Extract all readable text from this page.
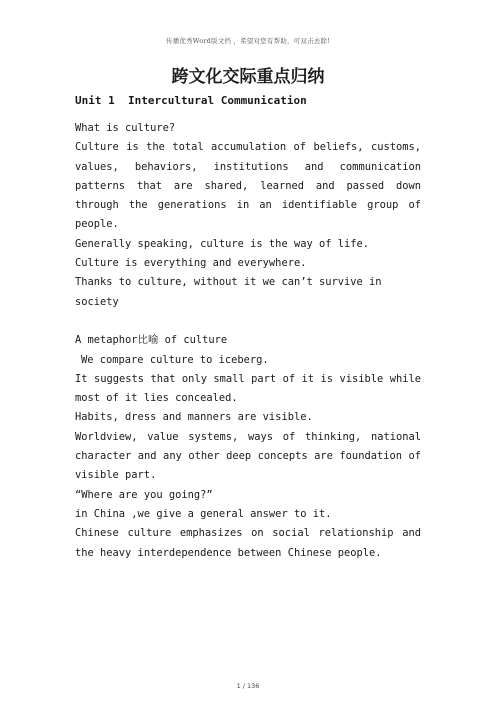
传播优秀Word版文档 ，希望对您有帮助，可双击去除!
跨文化交际重点归纳
Unit 1  Intercultural Communication

What is culture?

Culture is the total accumulation of beliefs, customs, values, behaviors, institutions and communication patterns that are shared, learned and passed down through the generations in an identifiable group of people.

Generally speaking, culture is the way of life.

Culture is everything and everywhere.

Thanks to culture, without it we can’t survive in society

A metaphor比喻 of culture

We compare culture to iceberg.

It suggests that only small part of it is visible while most of it lies concealed.

Habits, dress and manners are visible.

Worldview, value systems, ways of thinking, national character and any other deep concepts are foundation of visible part.

“Where are you going?”

in China ,we give a general answer to it.

Chinese culture emphasizes on social relationship and the heavy interdependence between Chinese people.

1 / 136
